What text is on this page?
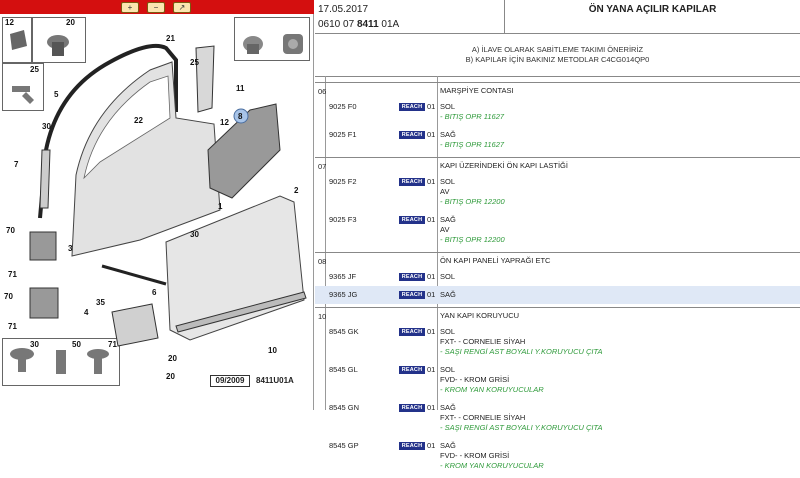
+	−	↗
12	20
25
21
5
25
11
8
12
30
22
7
1
2
70
3
71
70
4
71
30
6
35
30
20
10
50	71
20	09/2009	8411U01A
17.05.2017
0610 07 8411 01A
ÖN YANA AÇILIR KAPILAR
A) İLAVE OLARAK SABİTLEME TAKIMI ÖNERİRİZ
B) KAPILAR İÇİN BAKINIZ METODLAR C4CG014QP0
06	MARŞPİYE CONTASI
9025 F0	REACH 01 SOL
- BITIŞ OPR 11627
9025 F1	REACH 01 SAĞ
- BITIŞ OPR 11627
07	KAPI ÜZERİNDEKİ ÖN KAPI LASTİĞİ
9025 F2	REACH 01 SOL
AV
- BITIŞ OPR 12200
9025 F3	REACH 01 SAĞ
AV
- BITIŞ OPR 12200
08	ÖN KAPI PANELİ YAPRAĞI ETC
9365 JF	REACH 01 SOL
9365 JG	REACH 01 SAĞ
10	YAN KAPI KORUYUCU
8545 GK	REACH 01 SOL
FXT- - CORNELIE SİYAH
- SAŞI RENGİ AST BOYALI Y.KORUYUCU ÇITA
8545 GL	REACH 01 SOL
FVD- - KROM GRİSİ
- KROM YAN KORUYUCULAR
8545 GN	REACH 01 SAĞ
FXT- - CORNELIE SİYAH
- SAŞI RENGİ AST BOYALI Y.KORUYUCU ÇITA
8545 GP	REACH 01 SAĞ
FVD- - KROM GRİSİ
- KROM YAN KORUYUCULAR
